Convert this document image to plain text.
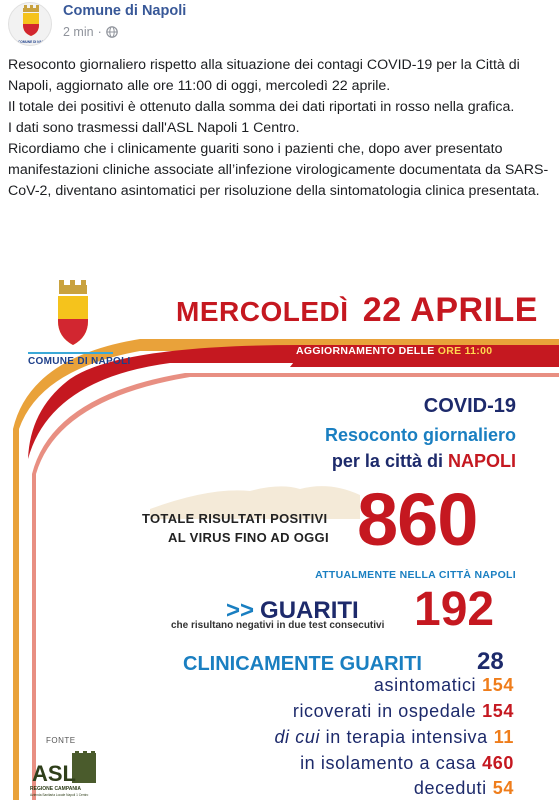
COMUNE DI NAP
Comune di Napoli
2 min ·

Resoconto giornaliero rispetto alla situazione dei contagi COVID-19 per la Città di Napoli, aggiornato alle ore 11:00 di oggi, mercoledì 22 aprile.

Il totale dei positivi è ottenuto dalla somma dei dati riportati in rosso nella grafica.

I dati sono trasmessi dall'ASL Napoli 1 Centro.

Ricordiamo che i clinicamente guariti sono i pazienti che, dopo aver presentato manifestazioni cliniche associate all’infezione virologicamente documentata da SARS-CoV-2, diventano asintomatici per risoluzione della sintomatologia clinica presentata.

COMUNE DI NAPOLI
MERCOLEDÌ 22 APRILE
AGGIORNAMENTO DELLE ORE 11:00
COVID-19
Resoconto giornaliero
per la città di NAPOLI
TOTALE RISULTATI POSITIVI
AL VIRUS FINO AD OGGI 860
ATTUALMENTE NELLA CITTÀ NAPOLI
>> GUARITI
che risultano negativi in due test consecutivi 192
CLINICAMENTE GUARITI 28
asintomatici 154
ricoverati in ospedale 154
di cui in terapia intensiva 11
in isolamento a casa 460
deceduti 54
FONTE
ASL
REGIONE CAMPANIA
Azienda Sanitaria Locale Napoli 1 Centro
